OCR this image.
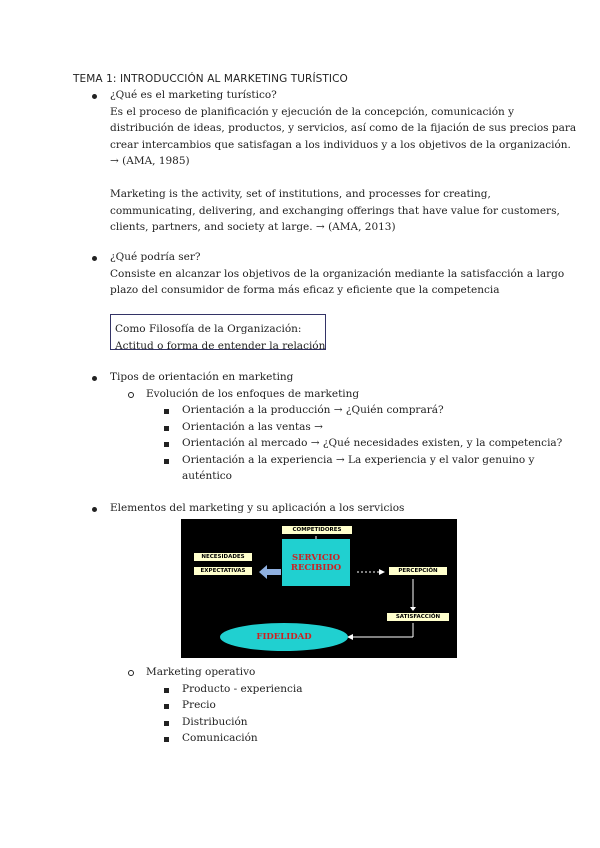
TEMA 1: INTRODUCCIÓN AL MARKETING TURÍSTICO

¿Qué es el marketing turístico?

Es el proceso de planificación y ejecución de la concepción, comunicación y

distribución de ideas, productos, y servicios, así como de la fijación de sus precios para

crear intercambios que satisfagan a los individuos y a los objetivos de la organización.

→ (AMA, 1985)

Marketing is the activity, set of institutions, and processes for creating,

communicating, delivering, and exchanging offerings that have value for customers,

clients, partners, and society at large. → (AMA, 2013)

¿Qué podría ser?

Consiste en alcanzar los objetivos de la organización mediante la satisfacción a largo

plazo del consumidor de forma más eficaz y eficiente que la competencia

Como Filosofía de la Organización:
Actitud o forma de entender la relación
Tipos de orientación en marketing
Evolución de los enfoques de marketing
Orientación a la producción → ¿Quién comprará?
Orientación a las ventas →
Orientación al mercado → ¿Qué necesidades existen, y la competencia?
Orientación a la experiencia → La experiencia y el valor genuino y
auténtico
Elementos del marketing y su aplicación a los servicios
COMPETIDORES
NECESIDADES
EXPECTATIVAS
SERVICIO
RECIBIDO	PERCEPCIÓN
SATISFACCIÓN
FIDELIDAD
Marketing operativo
Producto - experiencia
Precio
Distribución
Comunicación
